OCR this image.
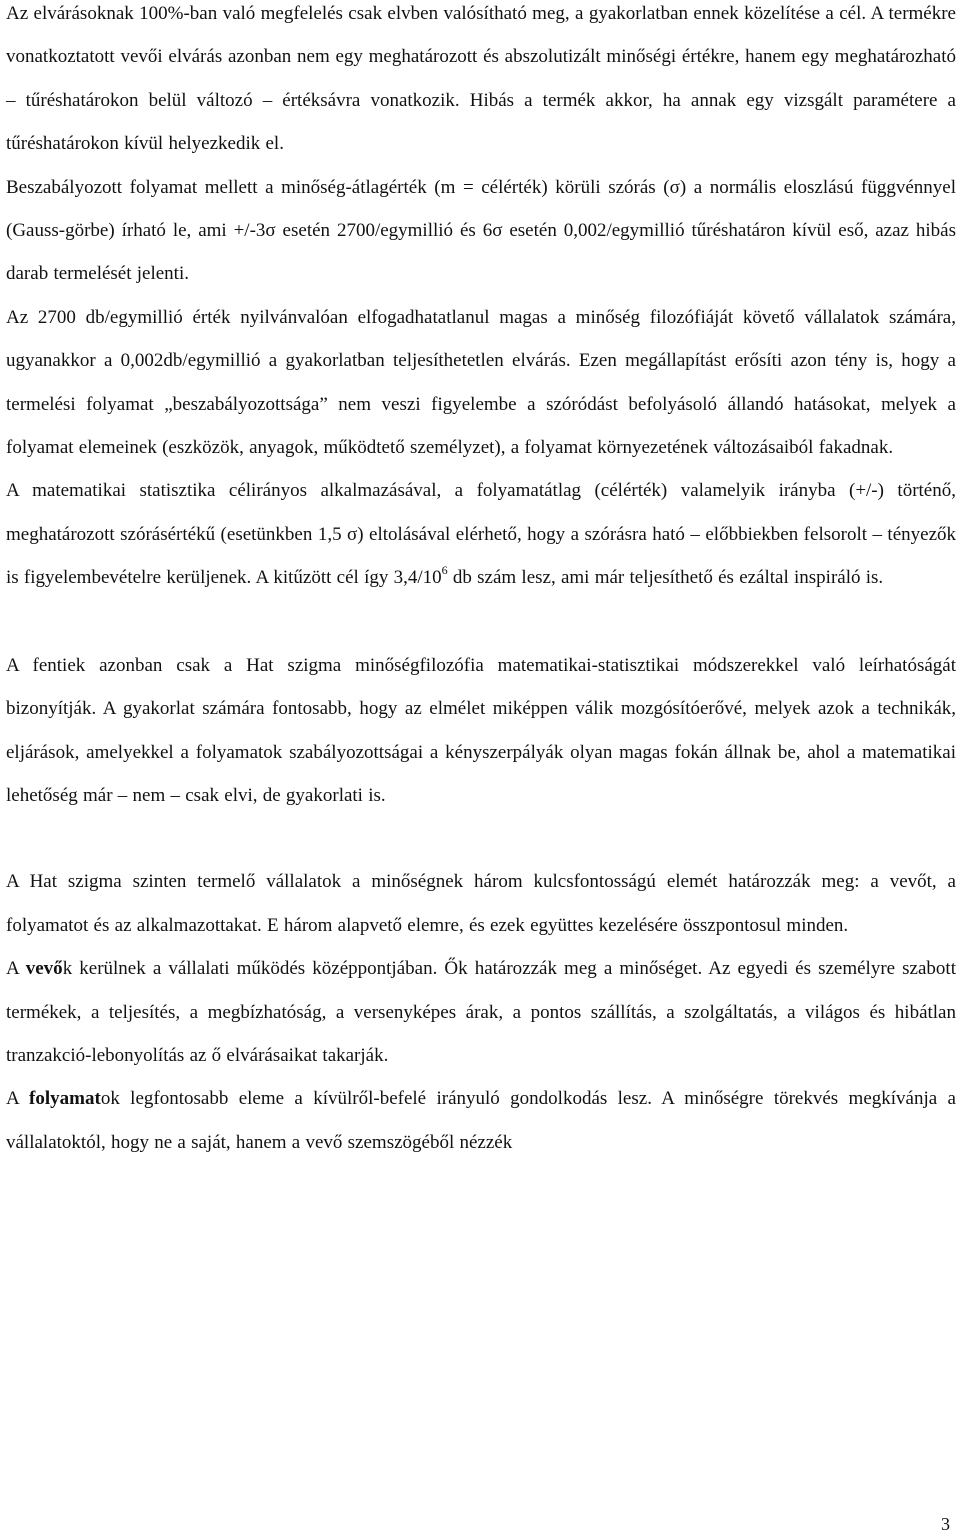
Az elvárásoknak 100%-ban való megfelelés csak elvben valósítható meg, a gyakorlatban ennek közelítése a cél. A termékre vonatkoztatott vevői elvárás azonban nem egy meghatározott és abszolutizált minőségi értékre, hanem egy meghatározható – tűréshatárokon belül változó – értéksávra vonatkozik. Hibás a termék akkor, ha annak egy vizsgált paramétere a tűréshatárokon kívül helyezkedik el.

Beszabályozott folyamat mellett a minőség-átlagérték (m = célérték) körüli szórás (σ) a normális eloszlású függvénnyel (Gauss-görbe) írható le, ami +/-3σ esetén 2700/egymillió és 6σ esetén 0,002/egymillió tűréshatáron kívül eső, azaz hibás darab termelését jelenti.

Az 2700 db/egymillió érték nyilvánvalóan elfogadhatatlanul magas a minőség filozófiáját követő vállalatok számára, ugyanakkor a 0,002db/egymillió a gyakorlatban teljesíthetetlen elvárás. Ezen megállapítást erősíti azon tény is, hogy a termelési folyamat „beszabályozottsága” nem veszi figyelembe a szóródást befolyásoló állandó hatásokat, melyek a folyamat elemeinek (eszközök, anyagok, működtető személyzet), a folyamat környezetének változásaiból fakadnak.

A matematikai statisztika célirányos alkalmazásával, a folyamatátlag (célérték) valamelyik irányba (+/-) történő, meghatározott szórásértékű (esetünkben 1,5 σ) eltolásával elérhető, hogy a szórásra ható – előbbiekben felsorolt – tényezők is figyelembevételre kerüljenek. A kitűzött cél így $3,4/10^6$ db szám lesz, ami már teljesíthető és ezáltal inspiráló is.

A fentiek azonban csak a Hat szigma minőségfilozófia matematikai-statisztikai módszerekkel való leírhatóságát bizonyítják. A gyakorlat számára fontosabb, hogy az elmélet miképpen válik mozgósítóerővé, melyek azok a technikák, eljárások, amelyekkel a folyamatok szabályozottságai a kényszerpályák olyan magas fokán állnak be, ahol a matematikai lehetőség már – nem – csak elvi, de gyakorlati is.

A Hat szigma szinten termelő vállalatok a minőségnek három kulcsfontosságú elemét határozzák meg: a vevőt, a folyamatot és az alkalmazottakat. E három alapvető elemre, és ezek együttes kezelésére összpontosul minden.

A vevők kerülnek a vállalati működés középpontjában. Ők határozzák meg a minőséget. Az egyedi és személyre szabott termékek, a teljesítés, a megbízhatóság, a versenyképes árak, a pontos szállítás, a szolgáltatás, a világos és hibátlan tranzakció-lebonyolítás az ő elvárásaikat takarják.

A folyamatok legfontosabb eleme a kívülről-befelé irányuló gondolkodás lesz. A minőségre törekvés megkívánja a vállalatoktól, hogy ne a saját, hanem a vevő szemszögéből nézzék

3
